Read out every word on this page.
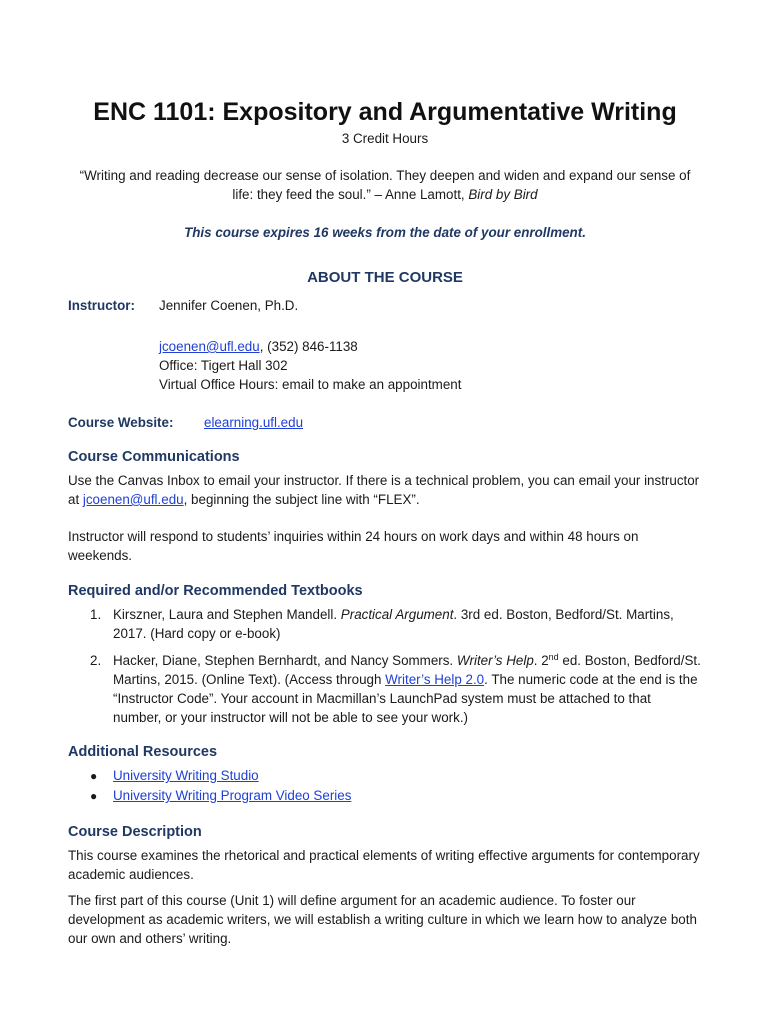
ENC 1101: Expository and Argumentative Writing
3 Credit Hours
“Writing and reading decrease our sense of isolation. They deepen and widen and expand our sense of life: they feed the soul.” – Anne Lamott, Bird by Bird
This course expires 16 weeks from the date of your enrollment.
ABOUT THE COURSE
Instructor: Jennifer Coenen, Ph.D.
jcoenen@ufl.edu, (352) 846-1138
Office: Tigert Hall 302
Virtual Office Hours: email to make an appointment
Course Website: elearning.ufl.edu
Course Communications
Use the Canvas Inbox to email your instructor. If there is a technical problem, you can email your instructor at jcoenen@ufl.edu, beginning the subject line with “FLEX”.
Instructor will respond to students’ inquiries within 24 hours on work days and within 48 hours on weekends.
Required and/or Recommended Textbooks
1. Kirszner, Laura and Stephen Mandell. Practical Argument. 3rd ed. Boston, Bedford/St. Martins, 2017. (Hard copy or e-book)
2. Hacker, Diane, Stephen Bernhardt, and Nancy Sommers. Writer’s Help. 2nd ed. Boston, Bedford/St. Martins, 2015. (Online Text). (Access through Writer’s Help 2.0. The numeric code at the end is the “Instructor Code”. Your account in Macmillan’s LaunchPad system must be attached to that number, or your instructor will not be able to see your work.)
Additional Resources
● University Writing Studio
● University Writing Program Video Series
Course Description
This course examines the rhetorical and practical elements of writing effective arguments for contemporary academic audiences.
The first part of this course (Unit 1) will define argument for an academic audience. To foster our development as academic writers, we will establish a writing culture in which we learn how to analyze both our own and others’ writing.
